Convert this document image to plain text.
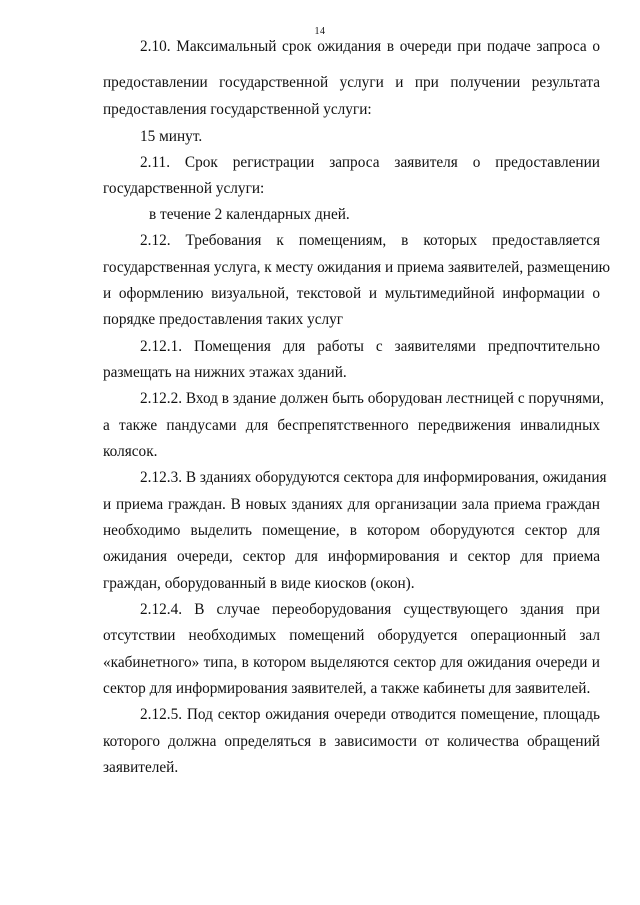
14
2.10. Максимальный срок ожидания в очереди при подаче запроса о
предоставлении государственной услуги и при получении результата
предоставления государственной услуги:
15 минут.
2.11. Срок регистрации запроса заявителя о предоставлении
государственной услуги:
в течение 2 календарных дней.
2.12. Требования к помещениям, в которых предоставляется
государственная услуга, к месту ожидания и приема заявителей, размещению
и оформлению визуальной, текстовой и мультимедийной информации о
порядке предоставления таких услуг
2.12.1. Помещения для работы с заявителями предпочтительно
размещать на нижних этажах зданий.
2.12.2. Вход в здание должен быть оборудован лестницей с поручнями,
а также пандусами для беспрепятственного передвижения инвалидных
колясок.
2.12.3. В зданиях оборудуются сектора для информирования, ожидания
и приема граждан. В новых зданиях для организации зала приема граждан
необходимо выделить помещение, в котором оборудуются сектор для
ожидания очереди, сектор для информирования и сектор для приема
граждан, оборудованный в виде киосков (окон).
2.12.4. В случае переоборудования существующего здания при
отсутствии необходимых помещений оборудуется операционный зал
«кабинетного» типа, в котором выделяются сектор для ожидания очереди и
сектор для информирования заявителей, а также кабинеты для заявителей.
2.12.5. Под сектор ожидания очереди отводится помещение, площадь
которого должна определяться в зависимости от количества обращений
заявителей.
